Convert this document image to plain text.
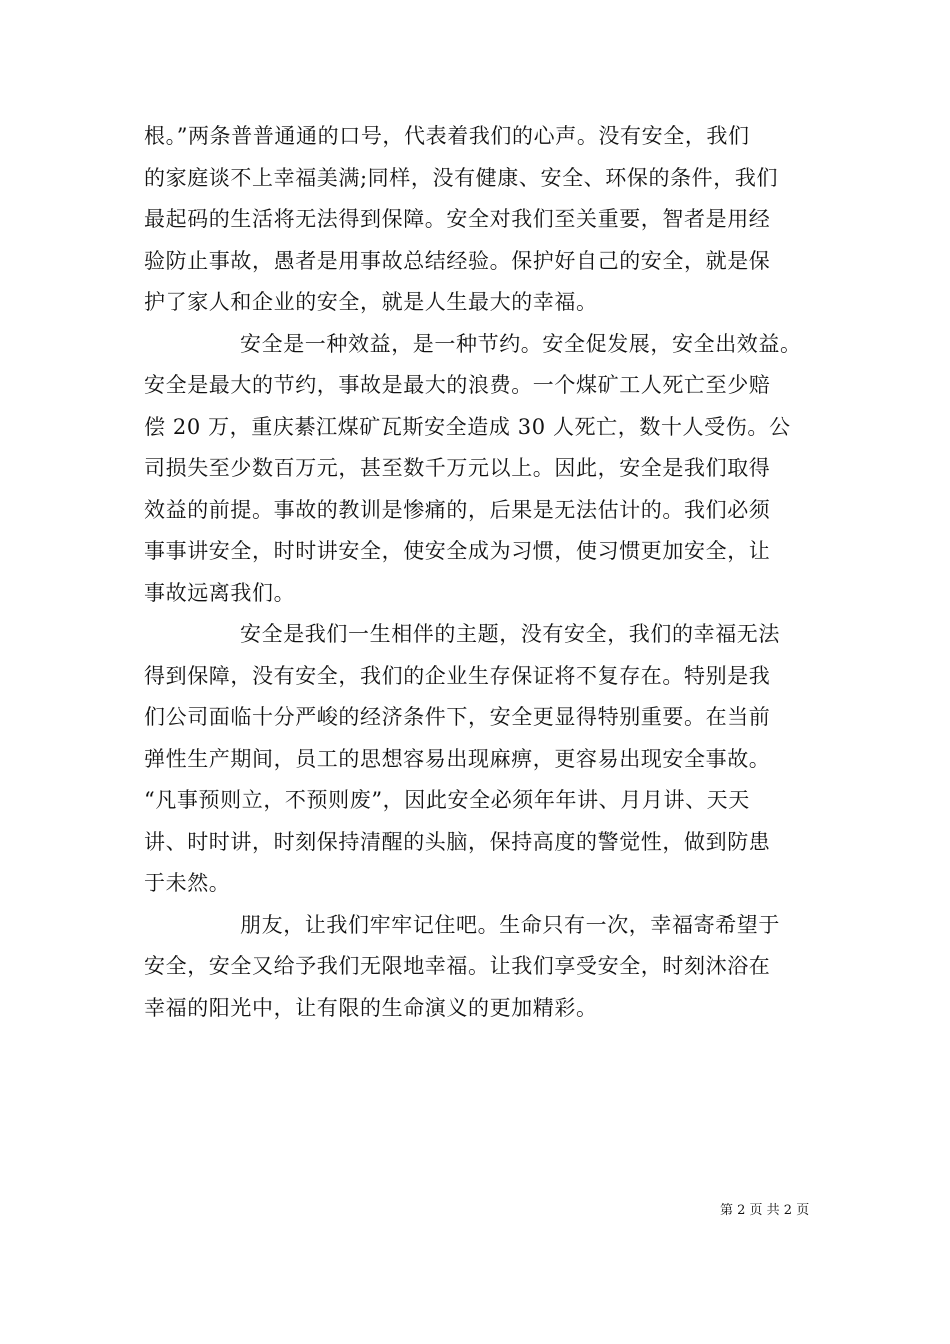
根。”两条普普通通的口号，代表着我们的心声。没有安全，我们
的家庭谈不上幸福美满;同样，没有健康、安全、环保的条件，我们
最起码的生活将无法得到保障。安全对我们至关重要，智者是用经
验防止事故，愚者是用事故总结经验。保护好自己的安全，就是保
护了家人和企业的安全，就是人生最大的幸福。
安全是一种效益，是一种节约。安全促发展，安全出效益。
安全是最大的节约，事故是最大的浪费。一个煤矿工人死亡至少赔
偿 20 万，重庆綦江煤矿瓦斯安全造成 30 人死亡，数十人受伤。公
司损失至少数百万元，甚至数千万元以上。因此，安全是我们取得
效益的前提。事故的教训是惨痛的，后果是无法估计的。我们必须
事事讲安全，时时讲安全，使安全成为习惯，使习惯更加安全，让
事故远离我们。
安全是我们一生相伴的主题，没有安全，我们的幸福无法
得到保障，没有安全，我们的企业生存保证将不复存在。特别是我
们公司面临十分严峻的经济条件下，安全更显得特别重要。在当前
弹性生产期间，员工的思想容易出现麻痹，更容易出现安全事故。
“凡事预则立，不预则废”，因此安全必须年年讲、月月讲、天天
讲、时时讲，时刻保持清醒的头脑，保持高度的警觉性，做到防患
于未然。
朋友，让我们牢牢记住吧。生命只有一次，幸福寄希望于
安全，安全又给予我们无限地幸福。让我们享受安全，时刻沐浴在
幸福的阳光中，让有限的生命演义的更加精彩。
第 2 页 共 2 页
